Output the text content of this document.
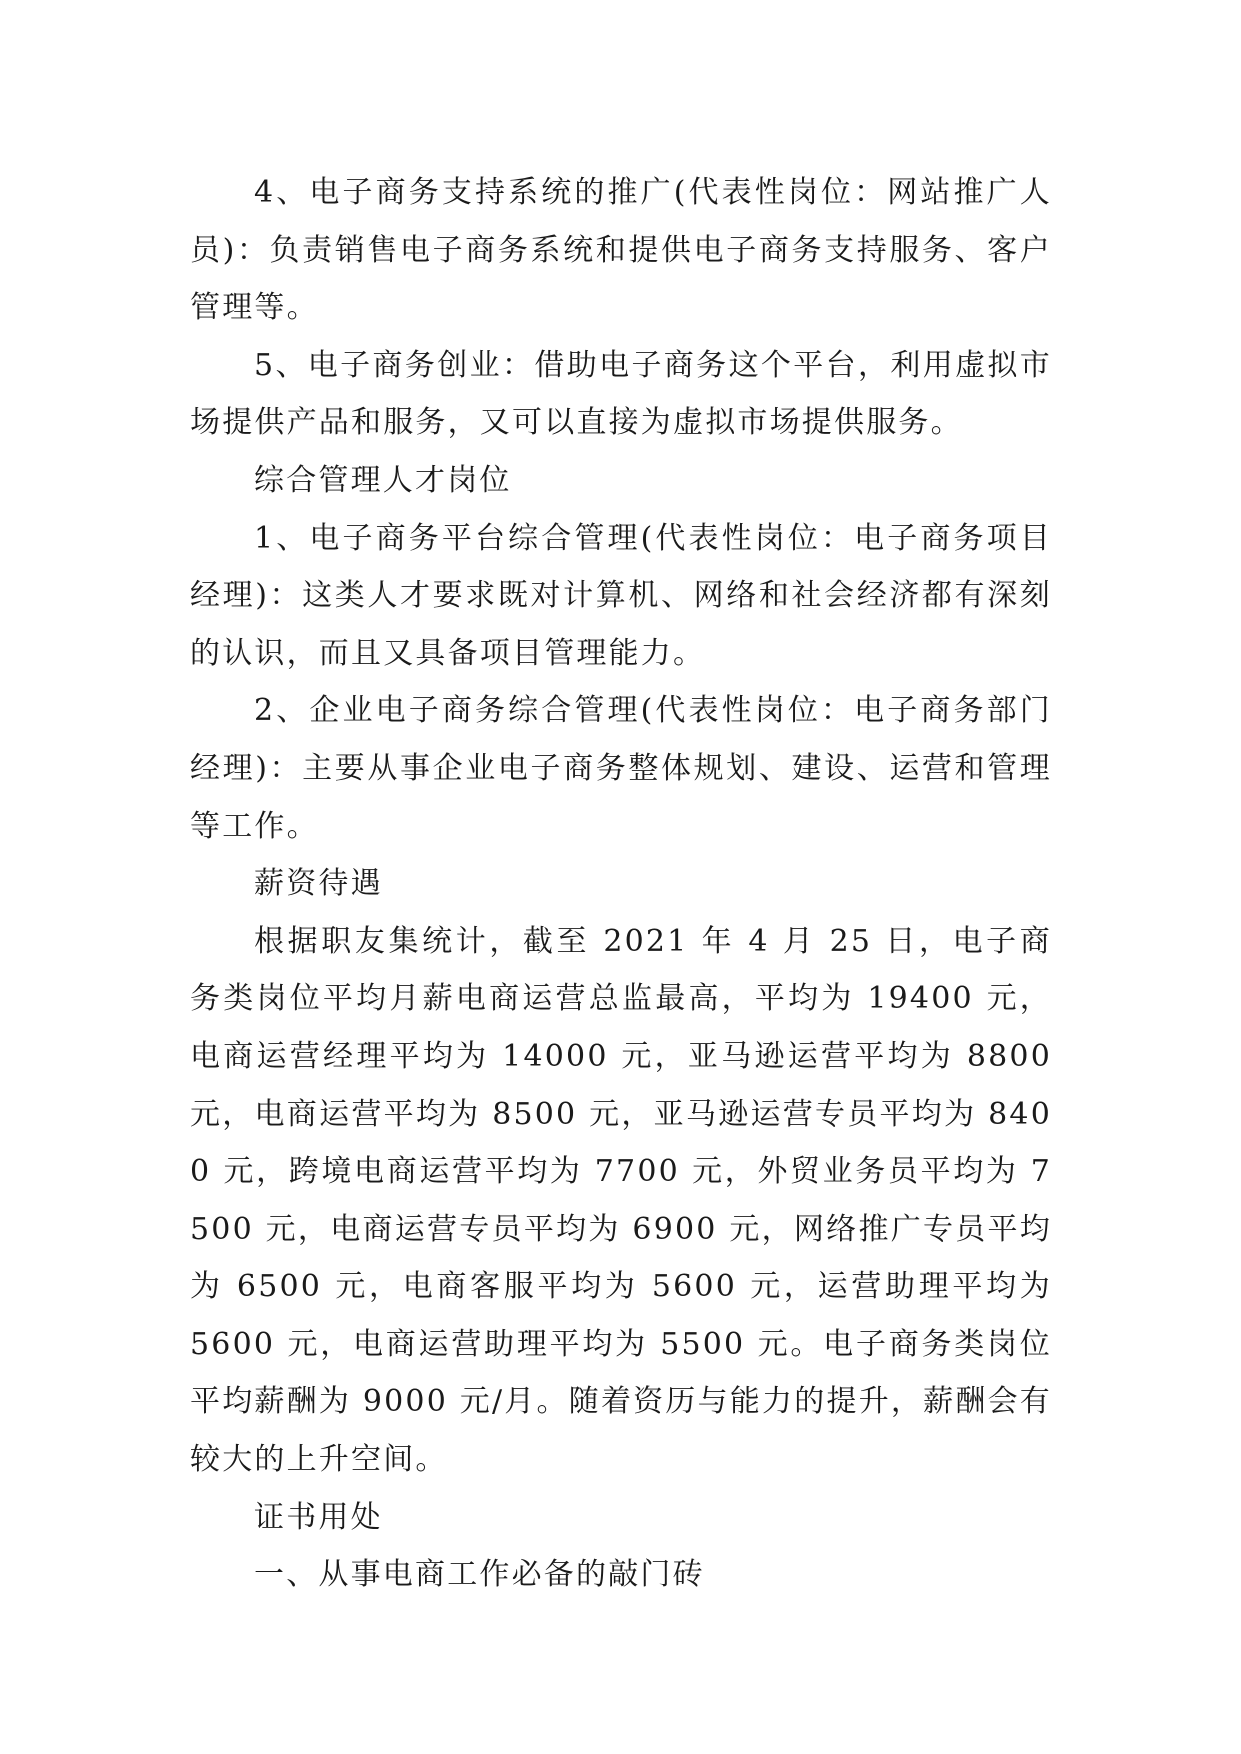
4、电子商务支持系统的推广(代表性岗位：网站推广人员)：负责销售电子商务系统和提供电子商务支持服务、客户管理等。

5、电子商务创业：借助电子商务这个平台，利用虚拟市场提供产品和服务，又可以直接为虚拟市场提供服务。

综合管理人才岗位

1、电子商务平台综合管理(代表性岗位：电子商务项目经理)：这类人才要求既对计算机、网络和社会经济都有深刻的认识，而且又具备项目管理能力。

2、企业电子商务综合管理(代表性岗位：电子商务部门经理)：主要从事企业电子商务整体规划、建设、运营和管理等工作。

薪资待遇

根据职友集统计，截至 2021 年 4 月 25 日，电子商务类岗位平均月薪电商运营总监最高，平均为 19400 元，电商运营经理平均为 14000 元，亚马逊运营平均为 8800 元，电商运营平均为 8500 元，亚马逊运营专员平均为 8400 元，跨境电商运营平均为 7700 元，外贸业务员平均为 7500 元，电商运营专员平均为 6900 元，网络推广专员平均为 6500 元，电商客服平均为 5600 元，运营助理平均为 5600 元，电商运营助理平均为 5500 元。电子商务类岗位平均薪酬为 9000 元/月。随着资历与能力的提升，薪酬会有较大的上升空间。

证书用处

一、从事电商工作必备的敲门砖
